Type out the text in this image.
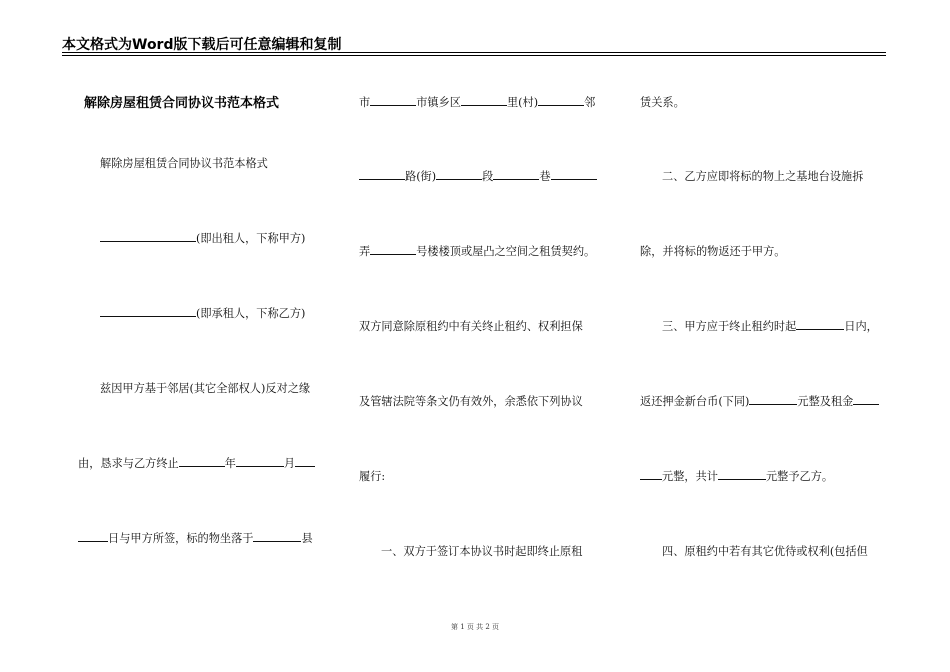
本文格式为Word版下载后可任意编辑和复制
解除房屋租赁合同协议书范本格式
解除房屋租赁合同协议书范本格式
(即出租人，下称甲方)
(即承租人，下称乙方)
兹因甲方基于邻居(其它全部权人)反对之缘
由，恳求与乙方终止	年	月
日与甲方所签，标的物坐落于	县
市	市镇乡区	里(村)	邻
路(街)	段	巷
弄	号楼楼顶或屋凸之空间之租赁契约。
双方同意除原租约中有关终止租约、权利担保
及管辖法院等条文仍有效外，余悉依下列协议
履行:
一、双方于签订本协议书时起即终止原租
赁关系。
二、乙方应即将标的物上之基地台设施拆
除，并将标的物返还于甲方。
三、甲方应于终止租约时起	日内，
返还押金新台币(下同)	元整及租金
元整，共计	元整予乙方。
四、原租约中若有其它优待或权利(包括但
第 1 页 共 2 页
